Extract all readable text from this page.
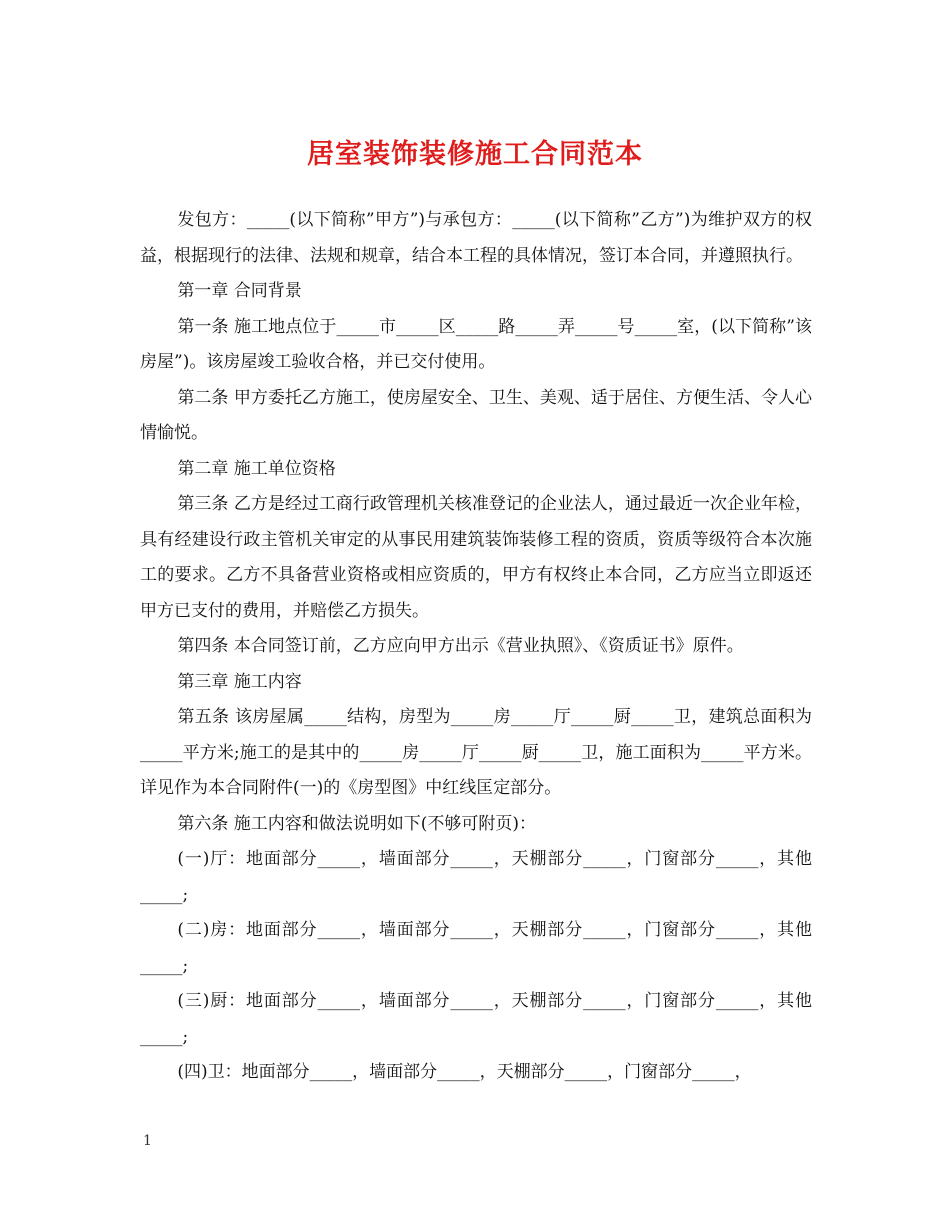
居室装饰装修施工合同范本

发包方：_____(以下简称”甲方”)与承包方：_____(以下简称”乙方”)为维护双方的权益，根据现行的法律、法规和规章，结合本工程的具体情况，签订本合同，并遵照执行。

第一章 合同背景

第一条 施工地点位于_____市_____区_____路_____弄_____号_____室，(以下简称”该房屋”)。该房屋竣工验收合格，并已交付使用。

第二条 甲方委托乙方施工，使房屋安全、卫生、美观、适于居住、方便生活、令人心情愉悦。

第二章 施工单位资格

第三条 乙方是经过工商行政管理机关核准登记的企业法人，通过最近一次企业年检，具有经建设行政主管机关审定的从事民用建筑装饰装修工程的资质，资质等级符合本次施工的要求。乙方不具备营业资格或相应资质的，甲方有权终止本合同，乙方应当立即返还甲方已支付的费用，并赔偿乙方损失。

第四条 本合同签订前，乙方应向甲方出示《营业执照》、《资质证书》原件。

第三章 施工内容

第五条 该房屋属_____结构，房型为_____房_____厅_____厨_____卫，建筑总面积为_____平方米;施工的是其中的_____房_____厅_____厨_____卫，施工面积为_____平方米。详见作为本合同附件(一)的《房型图》中红线匡定部分。

第六条 施工内容和做法说明如下(不够可附页)：

(一)厅：地面部分_____，墙面部分_____，天棚部分_____，门窗部分_____，其他_____;

(二)房：地面部分_____，墙面部分_____，天棚部分_____，门窗部分_____，其他_____;

(三)厨：地面部分_____，墙面部分_____，天棚部分_____，门窗部分_____，其他_____;

(四)卫：地面部分_____，墙面部分_____，天棚部分_____，门窗部分_____，

1
